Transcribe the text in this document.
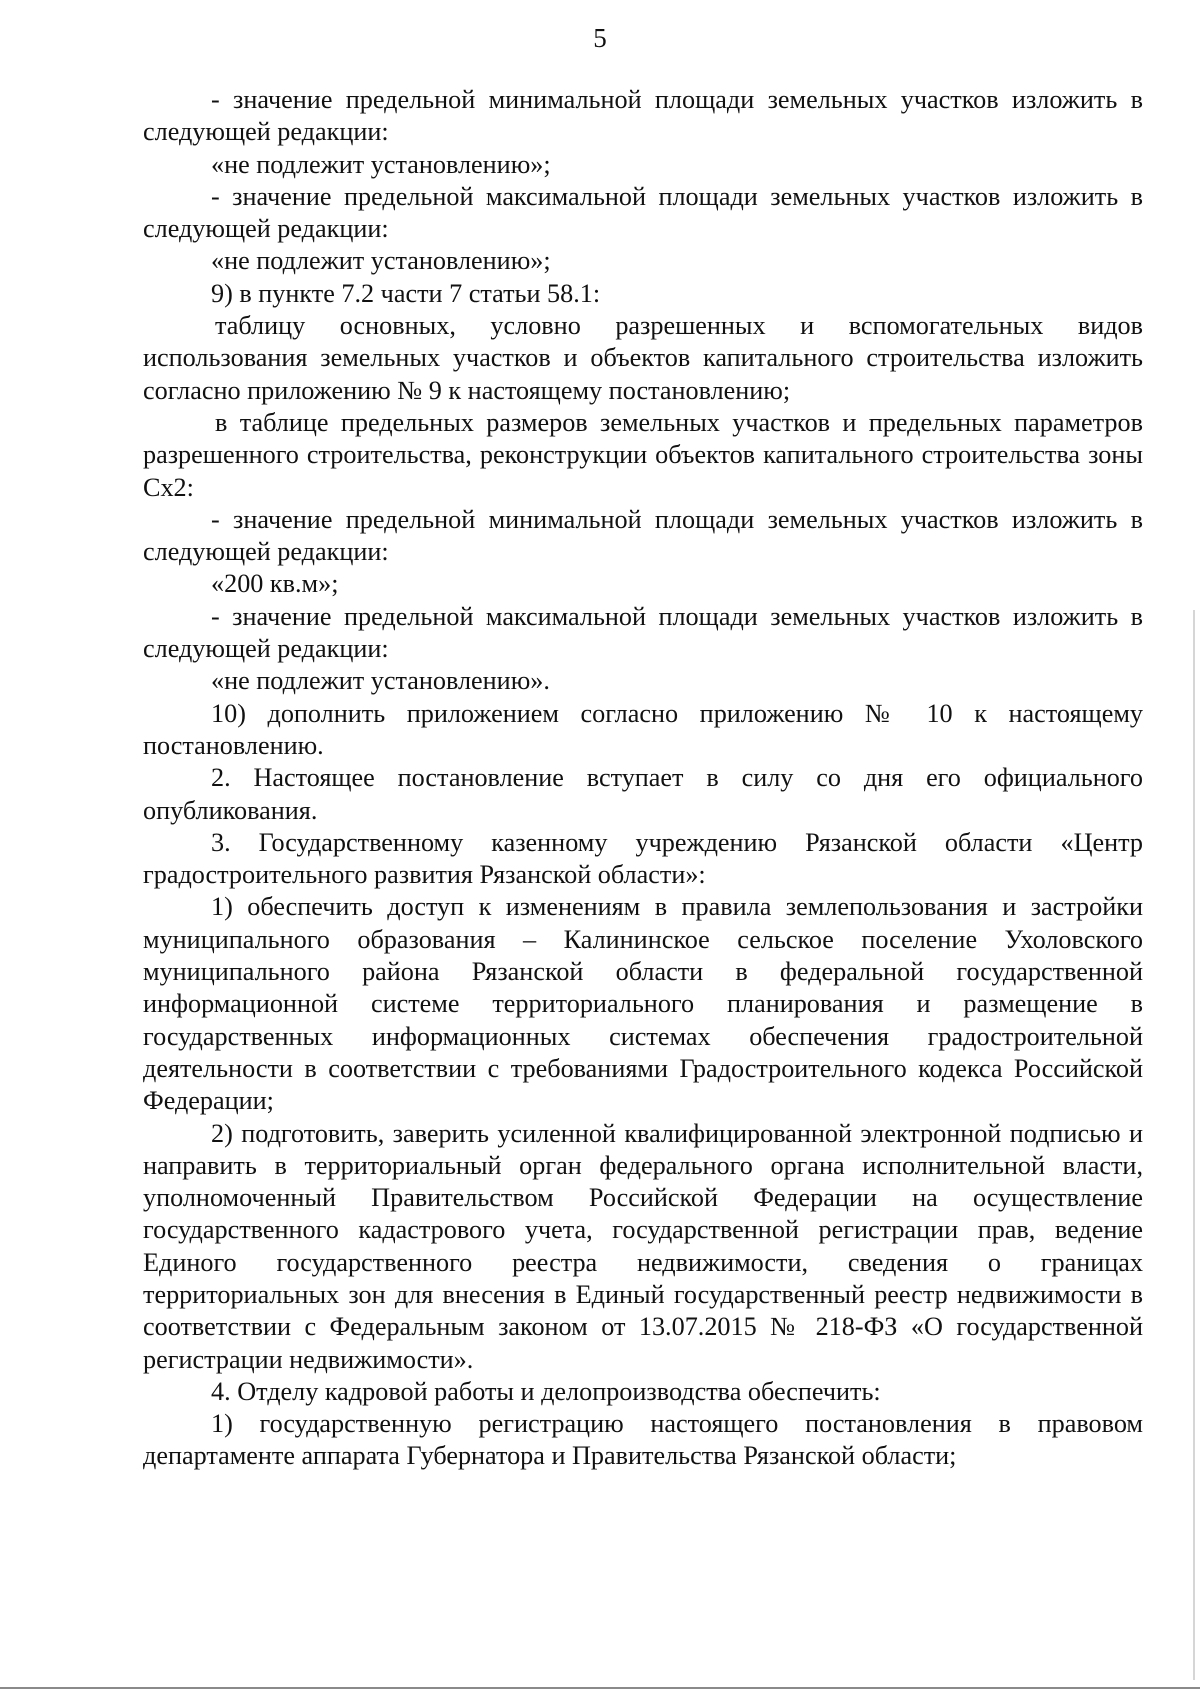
5

- значение предельной минимальной площади земельных участков изложить в следующей редакции:

«не подлежит установлению»;

- значение предельной максимальной площади земельных участков изложить в следующей редакции:

«не подлежит установлению»;

9) в пункте 7.2 части 7 статьи 58.1:

таблицу основных, условно разрешенных и вспомогательных видов использования земельных участков и объектов капитального строительства изложить согласно приложению № 9 к настоящему постановлению;

в таблице предельных размеров земельных участков и предельных параметров разрешенного строительства, реконструкции объектов капитального строительства зоны Сх2:

- значение предельной минимальной площади земельных участков изложить в следующей редакции:

«200 кв.м»;

- значение предельной максимальной площади земельных участков изложить в следующей редакции:

«не подлежит установлению».

10) дополнить приложением согласно приложению № 10 к настоящему постановлению.

2. Настоящее постановление вступает в силу со дня его официального опубликования.

3. Государственному казенному учреждению Рязанской области «Центр градостроительного развития Рязанской области»:

1) обеспечить доступ к изменениям в правила землепользования и застройки муниципального образования – Калининское сельское поселение Ухоловского муниципального района Рязанской области в федеральной государственной информационной системе территориального планирования и размещение в государственных информационных системах обеспечения градостроительной деятельности в соответствии с требованиями Градостроительного кодекса Российской Федерации;

2) подготовить, заверить усиленной квалифицированной электронной подписью и направить в территориальный орган федерального органа исполнительной власти, уполномоченный Правительством Российской Федерации на осуществление государственного кадастрового учета, государственной регистрации прав, ведение Единого государственного реестра недвижимости, сведения о границах территориальных зон для внесения в Единый государственный реестр недвижимости в соответствии с Федеральным законом от 13.07.2015 № 218-ФЗ «О государственной регистрации недвижимости».

4. Отделу кадровой работы и делопроизводства обеспечить:

1) государственную регистрацию настоящего постановления в правовом департаменте аппарата Губернатора и Правительства Рязанской области;
